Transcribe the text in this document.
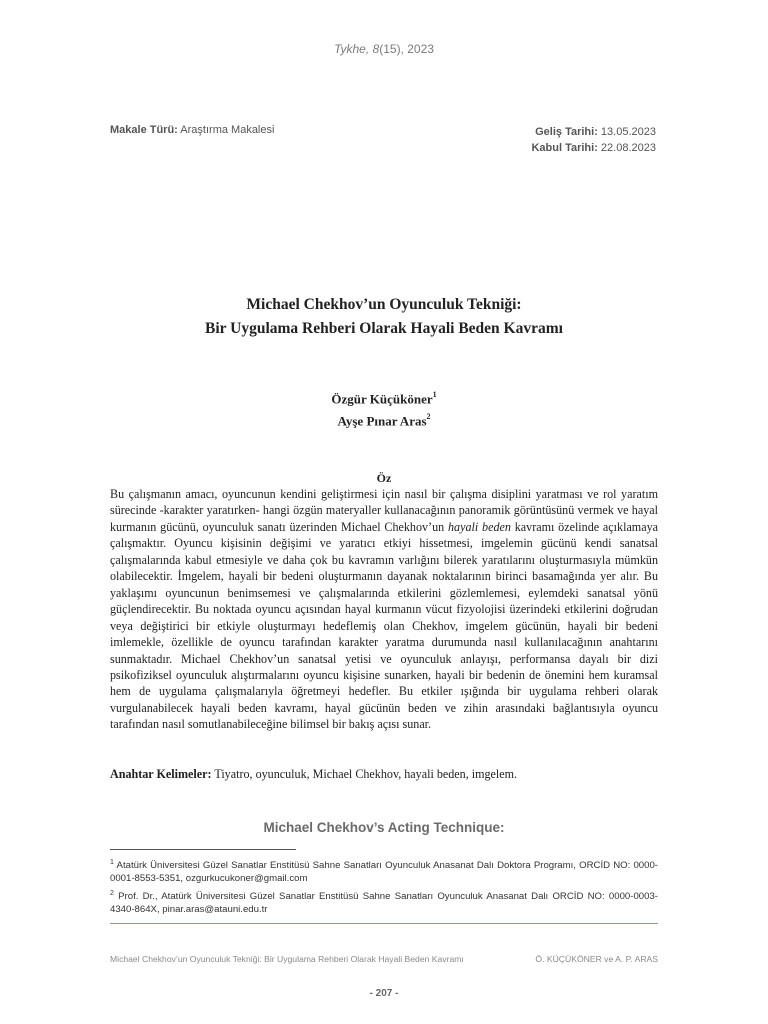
Tykhe, 8(15), 2023
Makale Türü: Araştırma Makalesi	Geliş Tarihi: 13.05.2023
Kabul Tarihi: 22.08.2023
Michael Chekhov’un Oyunculuk Tekniği:
Bir Uygulama Rehberi Olarak Hayali Beden Kavramı
Özgür Küçüköner$^1$
Ayşe Pınar Aras$^2$
Öz
Bu çalışmanın amacı, oyuncunun kendini geliştirmesi için nasıl bir çalışma disiplini yaratması ve rol yaratım sürecinde -karakter yaratırken- hangi özgün materyaller kullanacağının panoramik görüntüsünü vermek ve hayal kurmanın gücünü, oyunculuk sanatı üzerinden Michael Chekhov’un hayali beden kavramı özelinde açıklamaya çalışmaktır. Oyuncu kişisinin değişimi ve yaratıcı etkiyi hissetmesi, imgelemin gücünü kendi sanatsal çalışmalarında kabul etmesiyle ve daha çok bu kavramın varlığını bilerek yaratılarını oluşturmasıyla mümkün olabilecektir. İmgelem, hayali bir bedeni oluşturmanın dayanak noktalarının birinci basamağında yer alır. Bu yaklaşımı oyuncunun benimsemesi ve çalışmalarında etkilerini gözlemlemesi, eylemdeki sanatsal yönü güçlendirecektir. Bu noktada oyuncu açısından hayal kurmanın vücut fizyolojisi üzerindeki etkilerini doğrudan veya değiştirici bir etkiyle oluşturmayı hedeflemiş olan Chekhov, imgelem gücünün, hayali bir bedeni imlemekle, özellikle de oyuncu tarafından karakter yaratma durumunda nasıl kullanılacağının anahtarını sunmaktadır. Michael Chekhov’un sanatsal yetisi ve oyunculuk anlayışı, performansa dayalı bir dizi psikofiziksel oyunculuk alıştırmalarını oyuncu kişisine sunarken, hayali bir bedenin de önemini hem kuramsal hem de uygulama çalışmalarıyla öğretmeyi hedefler. Bu etkiler ışığında bir uygulama rehberi olarak vurgulanabilecek hayali beden kavramı, hayal gücünün beden ve zihin arasındaki bağlantısıyla oyuncu tarafından nasıl somutlanabileceğine bilimsel bir bakış açısı sunar.
Anahtar Kelimeler: Tiyatro, oyunculuk, Michael Chekhov, hayali beden, imgelem.
Michael Chekhov’s Acting Technique:

$^1$ Atatürk Üniversitesi Güzel Sanatlar Enstitüsü Sahne Sanatları Oyunculuk Anasanat Dalı Doktora Programı, ORCİD NO: 0000-0001-8553-5351, ozgurkucukoner@gmail.com

$^2$ Prof. Dr., Atatürk Üniversitesi Güzel Sanatlar Enstitüsü Sahne Sanatları Oyunculuk Anasanat Dalı ORCİD NO: 0000-0003-4340-864X, pinar.aras@atauni.edu.tr

Michael Chekhov’un Oyunculuk Tekniği: Bir Uygulama Rehberi Olarak Hayali Beden Kavramı	Ö. KÜÇÜKÖNER ve A. P. ARAS
- 207 -
